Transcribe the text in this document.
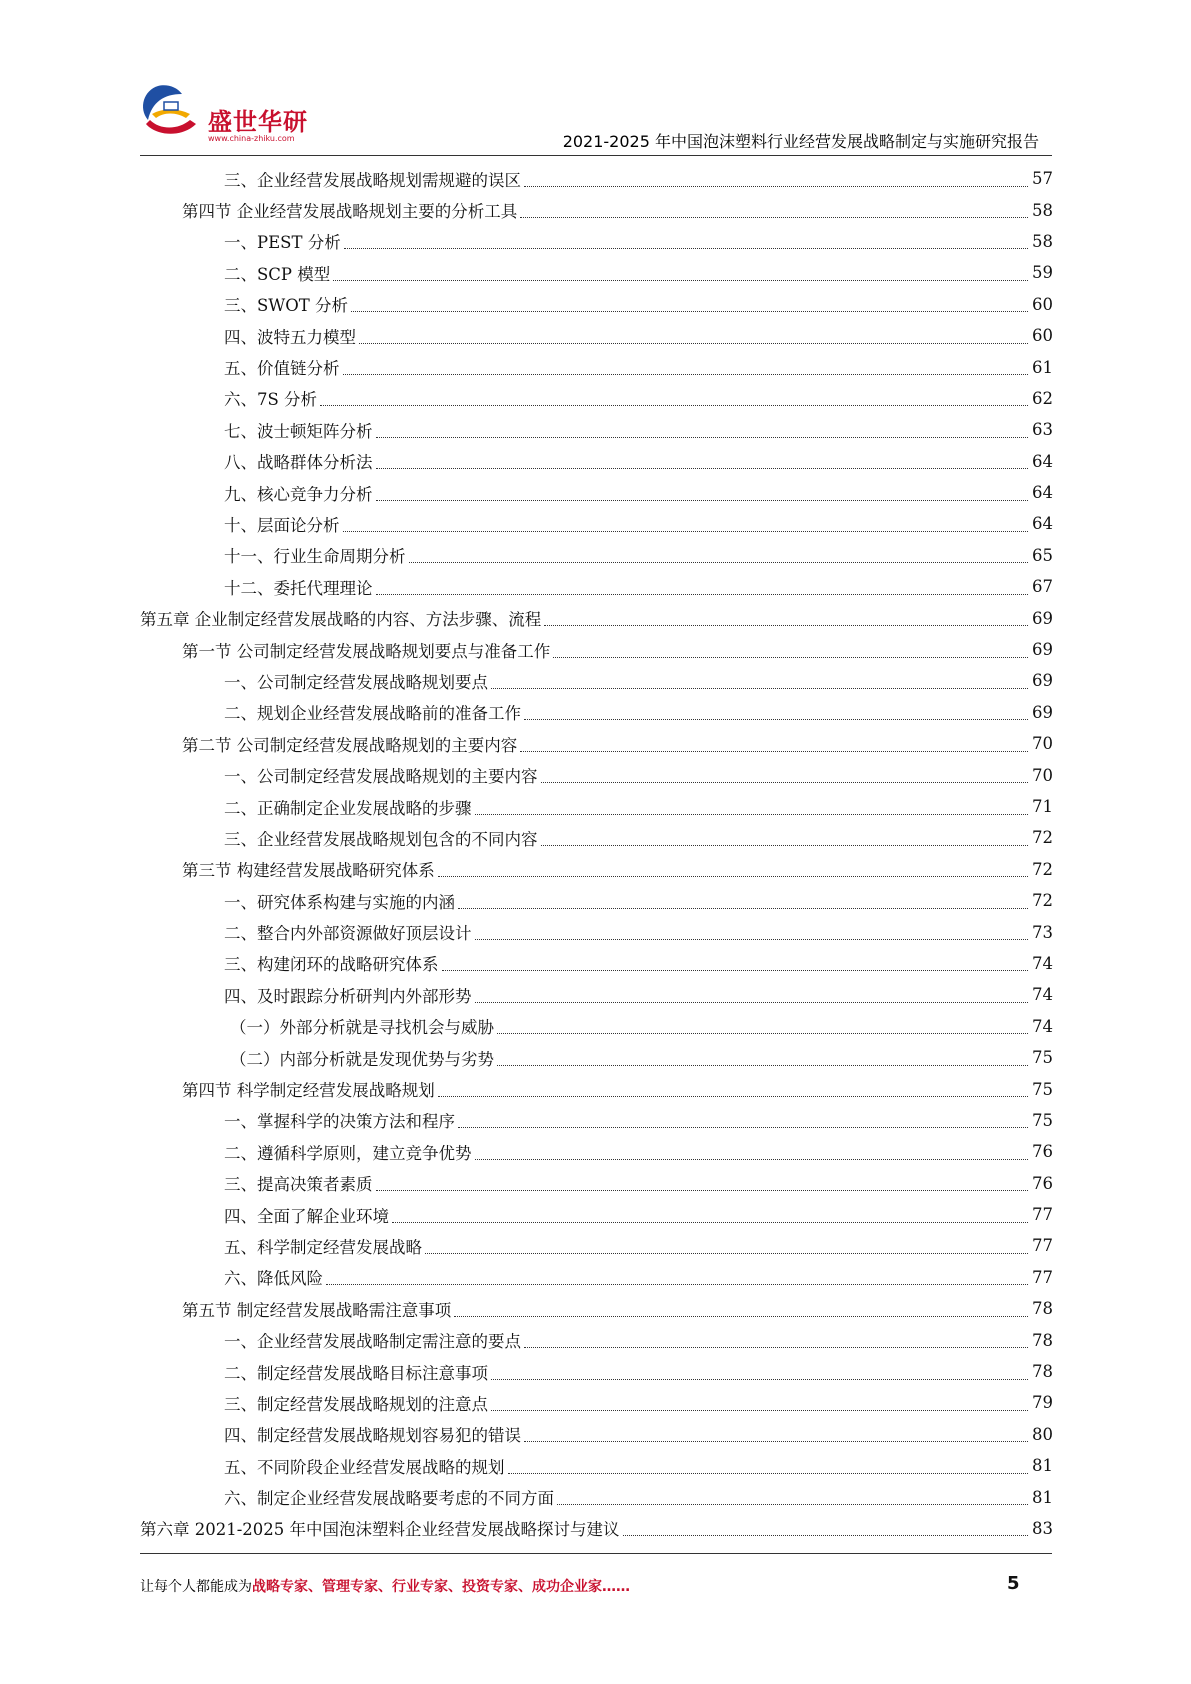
盛世华研
www.china-zhiku.com	2021-2025 年中国泡沫塑料行业经营发展战略制定与实施研究报告
三、企业经营发展战略规划需规避的误区	57
第四节 企业经营发展战略规划主要的分析工具	58
一、PEST 分析	58
二、SCP 模型	59
三、SWOT 分析	60
四、波特五力模型	60
五、价值链分析	61
六、7S 分析	62
七、波士顿矩阵分析	63
八、战略群体分析法	64
九、核心竞争力分析	64
十、层面论分析	64
十一、行业生命周期分析	65
十二、委托代理理论	67
第五章 企业制定经营发展战略的内容、方法步骤、流程	69
第一节 公司制定经营发展战略规划要点与准备工作	69
一、公司制定经营发展战略规划要点	69
二、规划企业经营发展战略前的准备工作	69
第二节 公司制定经营发展战略规划的主要内容	70
一、公司制定经营发展战略规划的主要内容	70
二、正确制定企业发展战略的步骤	71
三、企业经营发展战略规划包含的不同内容	72
第三节 构建经营发展战略研究体系	72
一、研究体系构建与实施的内涵	72
二、整合内外部资源做好顶层设计	73
三、构建闭环的战略研究体系	74
四、及时跟踪分析研判内外部形势	74
（一）外部分析就是寻找机会与威胁	74
（二）内部分析就是发现优势与劣势	75
第四节 科学制定经营发展战略规划	75
一、掌握科学的决策方法和程序	75
二、遵循科学原则，建立竞争优势	76
三、提高决策者素质	76
四、全面了解企业环境	77
五、科学制定经营发展战略	77
六、降低风险	77
第五节 制定经营发展战略需注意事项	78
一、企业经营发展战略制定需注意的要点	78
二、制定经营发展战略目标注意事项	78
三、制定经营发展战略规划的注意点	79
四、制定经营发展战略规划容易犯的错误	80
五、不同阶段企业经营发展战略的规划	81
六、制定企业经营发展战略要考虑的不同方面	81
第六章 2021-2025 年中国泡沫塑料企业经营发展战略探讨与建议	83
让每个人都能成为战略专家、管理专家、行业专家、投资专家、成功企业家……	5
